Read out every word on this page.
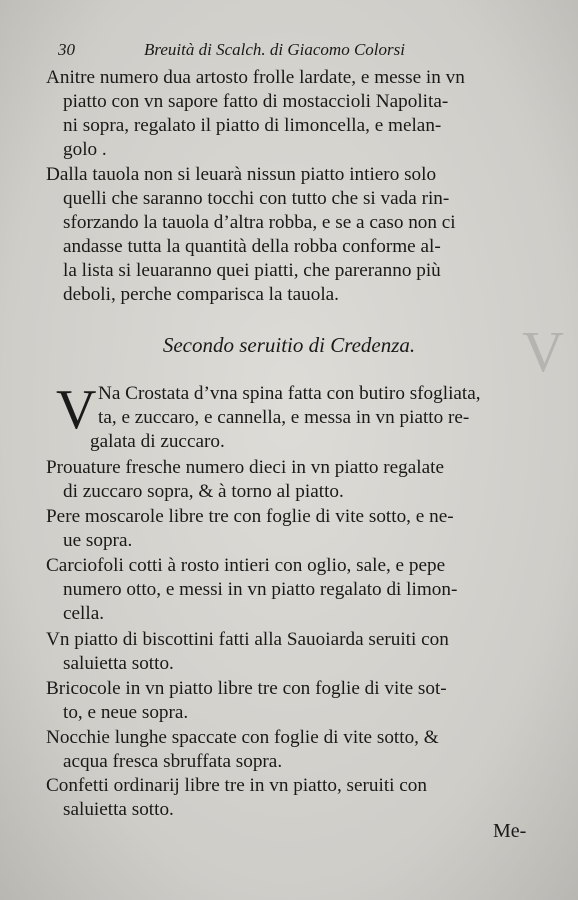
30	Breuità di Scalch. di Giacomo Colorsi
Anitre numero dua artosto frolle lardate, e messe in vn
piatto con vn sapore fatto di mostaccioli Napolita-
ni sopra, regalato il piatto di limoncella, e melan-
golo .
Dalla tauola non si leuarà nissun piatto intiero solo
quelli che saranno tocchi con tutto che si vada rin-
sforzando la tauola d’altra robba, e se a caso non ci
andasse tutta la quantità della robba conforme al-
la lista si leuaranno quei piatti, che pareranno più
deboli, perche comparisca la tauola.
Secondo seruitio di Credenza.
V Na Crostata d’vna spina fatta con butiro sfogliata,
ta, e zuccaro, e cannella, e messa in vn piatto re-
galata di zuccaro.
Prouature fresche numero dieci in vn piatto regalate
di zuccaro sopra, & à torno al piatto.
Pere moscarole libre tre con foglie di vite sotto, e ne-
ue sopra.
Carciofoli cotti à rosto intieri con oglio, sale, e pepe
numero otto, e messi in vn piatto regalato di limon-
cella.
Vn piatto di biscottini fatti alla Sauoiarda seruiti con
saluietta sotto.
Bricocole in vn piatto libre tre con foglie di vite sot-
to, e neue sopra.
Nocchie lunghe spaccate con foglie di vite sotto, &
acqua fresca sbruffata sopra.
Confetti ordinarij libre tre in vn piatto, seruiti con
saluietta sotto.
Me-
V
